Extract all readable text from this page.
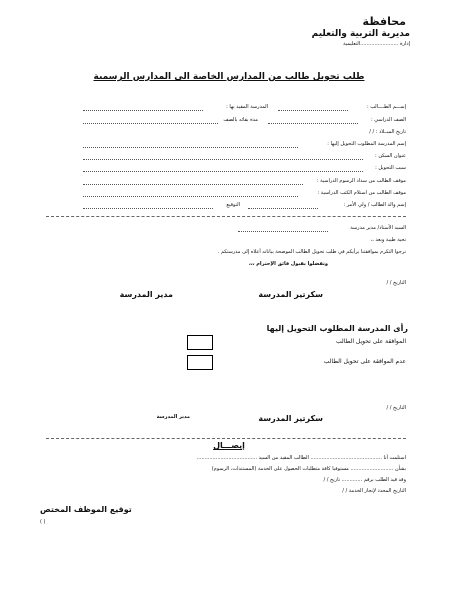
محافظة
مديرية التربية والتعليم
إدارة ........................التعليمية
طلب تحويل طالب من المدارس الخاصة الى المدارس الرسمية
إســـم الطــــالب :
المدرسة المقيد بها :
الصف الدراسي :
مدة بقائه بالصف
تاريخ الميــلاد : / /
إسم المدرسة المطلوب التحويل إليها :
عنوان السكن :
سبب التحويل :
موقف الطالب من سداد الرسوم الدراسية :
موقف الطالب من استلام الكتب الدراسية :
إسم والد الطالب / ولي الأمر :
التوقيع
السيد الأستاذ/ مدير مدرسة
تحية طيبة وبعد ،،
نرجوا التكرم بموافقتنا برأيكم في طلب تحويل الطالب الموضحة بياناته أعلاه إلى مدرستكم .
وتفضلوا بقبول فائق الإحترام ،،،
التاريخ / /
سكرتير المدرسة
مدير المدرسة
رأى المدرسة المطلوب التحويل إليها
الموافقة على تحويل الطالب
عدم الموافقة على تحويل الطالب
التاريخ / /
سكرتير المدرسة
مدير المدرسة
إيصـــال
استلمت أنا ............................................. الطالب المقيد من السيد ......................................
بشأن ........................... مستوفيا كافة متطلبات الحصول على الخدمة (المستندات، الرسوم)
وقد قيد الطلب برقم ............. تاريخ / /
التاريخ المحدد لإنجاز الخدمة / /
توقيع الموظف المختص
( )
